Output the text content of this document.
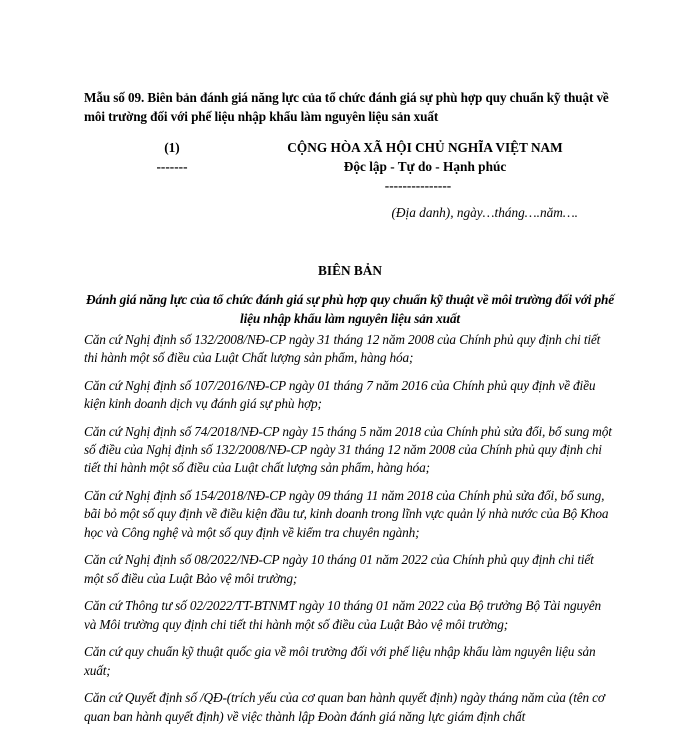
Mẫu số 09. Biên bản đánh giá năng lực của tổ chức đánh giá sự phù hợp quy chuẩn kỹ thuật về môi trường đối với phế liệu nhập khẩu làm nguyên liệu sản xuất
(1)
-------
CỘNG HÒA XÃ HỘI CHỦ NGHĨA VIỆT NAM
Độc lập - Tự do - Hạnh phúc
---------------
(Địa danh), ngày…tháng….năm….
BIÊN BẢN
Đánh giá năng lực của tổ chức đánh giá sự phù hợp quy chuẩn kỹ thuật về môi trường đối với phế liệu nhập khẩu làm nguyên liệu sản xuất

Căn cứ Nghị định số 132/2008/NĐ-CP ngày 31 tháng 12 năm 2008 của Chính phủ quy định chi tiết thi hành một số điều của Luật Chất lượng sản phẩm, hàng hóa;

Căn cứ Nghị định số 107/2016/NĐ-CP ngày 01 tháng 7 năm 2016 của Chính phủ quy định về điều kiện kinh doanh dịch vụ đánh giá sự phù hợp;

Căn cứ Nghị định số 74/2018/NĐ-CP ngày 15 tháng 5 năm 2018 của Chính phủ sửa đổi, bổ sung một số điều của Nghị định số 132/2008/NĐ-CP ngày 31 tháng 12 năm 2008 của Chính phủ quy định chi tiết thi hành một số điều của Luật chất lượng sản phẩm, hàng hóa;

Căn cứ Nghị định số 154/2018/NĐ-CP ngày 09 tháng 11 năm 2018 của Chính phủ sửa đổi, bổ sung, bãi bỏ một số quy định về điều kiện đầu tư, kinh doanh trong lĩnh vực quản lý nhà nước của Bộ Khoa học và Công nghệ và một số quy định về kiểm tra chuyên ngành;

Căn cứ Nghị định số 08/2022/NĐ-CP ngày 10 tháng 01 năm 2022 của Chính phủ quy định chi tiết một số điều của Luật Bảo vệ môi trường;

Căn cứ Thông tư số 02/2022/TT-BTNMT ngày 10 tháng 01 năm 2022 của Bộ trưởng Bộ Tài nguyên và Môi trường quy định chi tiết thi hành một số điều của Luật Bảo vệ môi trường;

Căn cứ quy chuẩn kỹ thuật quốc gia về môi trường đối với phế liệu nhập khẩu làm nguyên liệu sản xuất;

Căn cứ Quyết định số /QĐ-(trích yếu của cơ quan ban hành quyết định) ngày tháng năm của (tên cơ quan ban hành quyết định) về việc thành lập Đoàn đánh giá năng lực giám định chất
